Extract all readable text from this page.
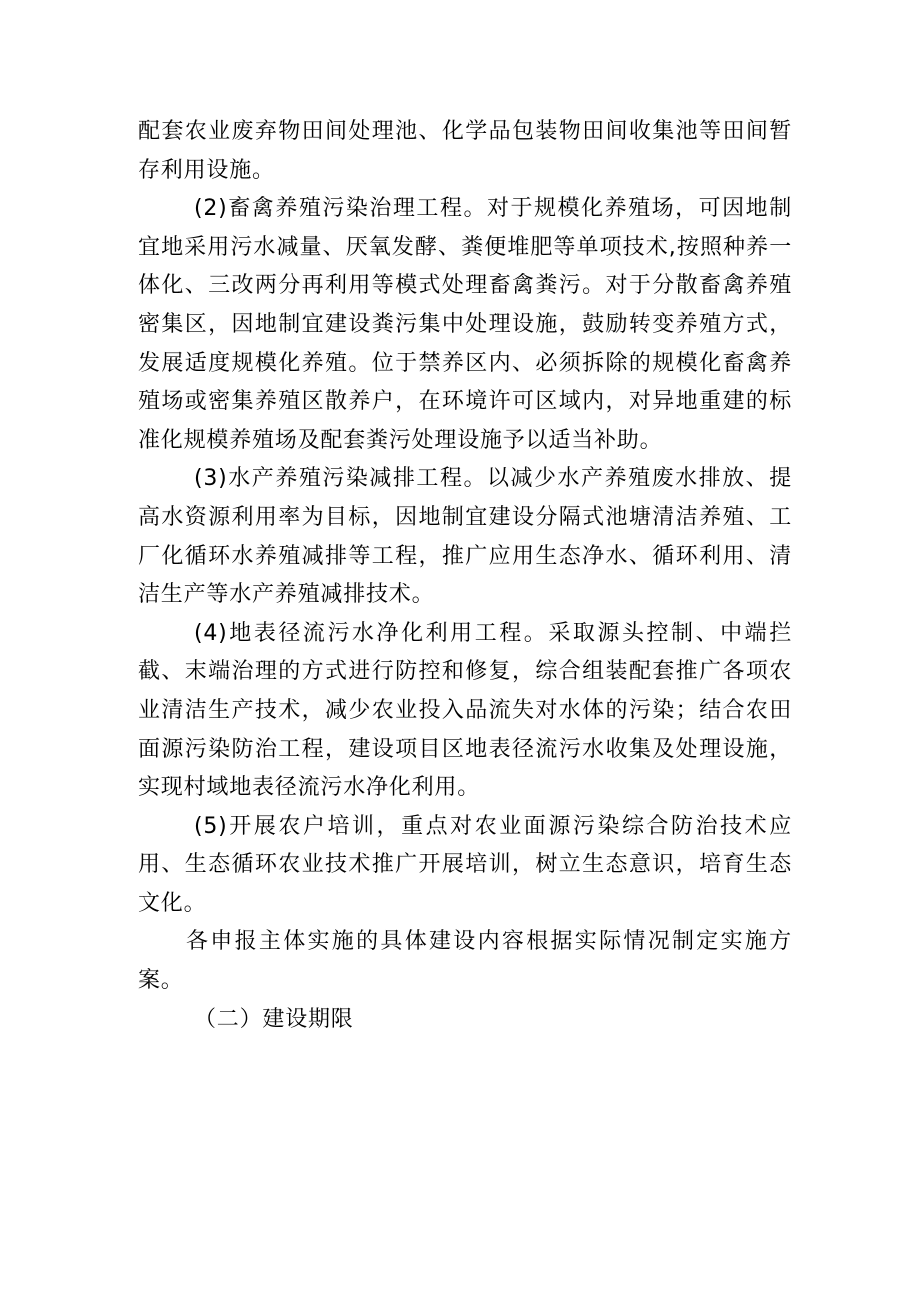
配套农业废弃物田间处理池、化学品包装物田间收集池等田间暂存利用设施。

(2)畜禽养殖污染治理工程。对于规模化养殖场，可因地制宜地采用污水减量、厌氧发酵、粪便堆肥等单项技术,按照种养一体化、三改两分再利用等模式处理畜禽粪污。对于分散畜禽养殖密集区，因地制宜建设粪污集中处理设施，鼓励转变养殖方式，发展适度规模化养殖。位于禁养区内、必须拆除的规模化畜禽养殖场或密集养殖区散养户，在环境许可区域内，对异地重建的标准化规模养殖场及配套粪污处理设施予以适当补助。

(3)水产养殖污染减排工程。以减少水产养殖废水排放、提高水资源利用率为目标，因地制宜建设分隔式池塘清洁养殖、工厂化循环水养殖减排等工程，推广应用生态净水、循环利用、清洁生产等水产养殖减排技术。

(4)地表径流污水净化利用工程。采取源头控制、中端拦截、末端治理的方式进行防控和修复，综合组装配套推广各项农业清洁生产技术，减少农业投入品流失对水体的污染；结合农田面源污染防治工程，建设项目区地表径流污水收集及处理设施，实现村域地表径流污水净化利用。

(5)开展农户培训，重点对农业面源污染综合防治技术应用、生态循环农业技术推广开展培训，树立生态意识，培育生态文化。

各申报主体实施的具体建设内容根据实际情况制定实施方案。

（二）建设期限
